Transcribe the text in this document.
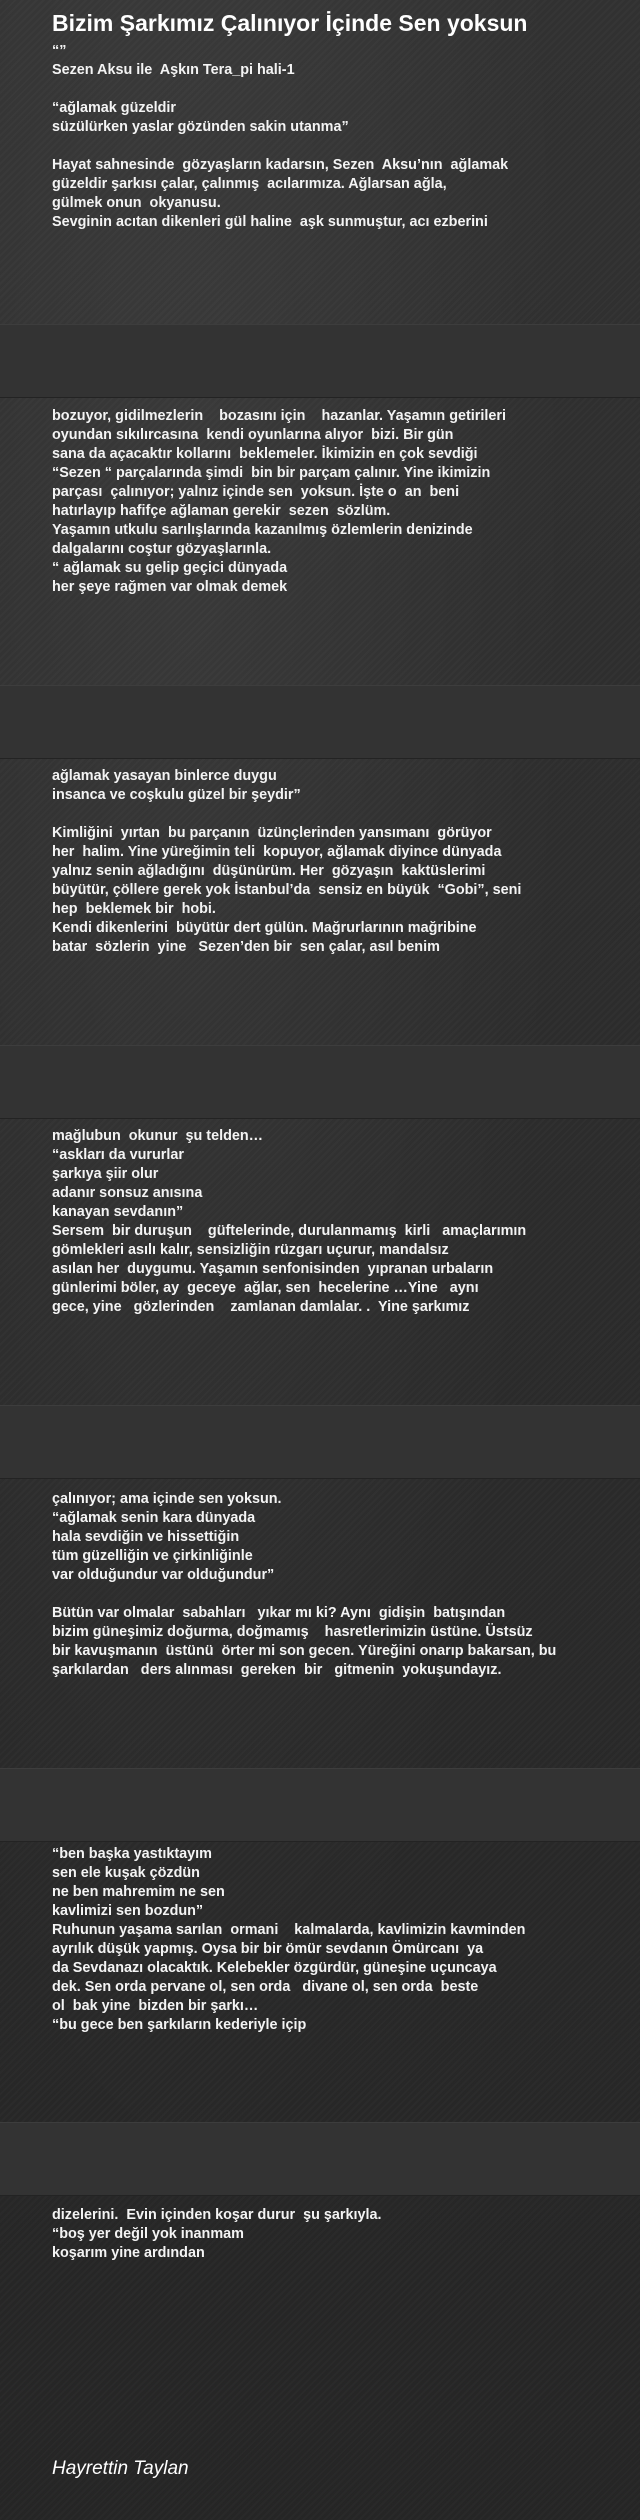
Bizim Şarkımız Çalınıyor İçinde Sen yoksun
“”
Sezen Aksu ile  Aşkın Tera_pi hali-1
“ağlamak güzeldir
süzülürken yaslar gözünden sakin utanma”
Hayat sahnesinde  gözyaşların kadarsın, Sezen  Aksu’nın  ağlamak
güzeldir şarkısı çalar, çalınmış  acılarımıza. Ağlarsan ağla,
gülmek onun  okyanusu.
Sevginin acıtan dikenleri gül haline  aşk sunmuştur, acı ezberini
bozuyor, gidilmezlerin    bozasını için    hazanlar. Yaşamın getirileri
oyundan sıkılırcasına  kendi oyunlarına alıyor  bizi. Bir gün
sana da açacaktır kollarını  beklemeler. İkimizin en çok sevdiği
“Sezen “ parçalarında şimdi  bin bir parçam çalınır. Yine ikimizin
parçası  çalınıyor; yalnız içinde sen  yoksun. İşte o  an  beni
hatırlayıp hafifçe ağlaman gerekir  sezen  sözlüm.
Yaşamın utkulu sarılışlarında kazanılmış özlemlerin denizinde
dalgalarını coştur gözyaşlarınla.
“ ağlamak su gelip geçici dünyada
her şeye rağmen var olmak demek
ağlamak yasayan binlerce duygu
insanca ve coşkulu güzel bir şeydir”
Kimliğini  yırtan  bu parçanın  üzünçlerinden yansımanı  görüyor
her  halim. Yine yüreğimin teli  kopuyor, ağlamak diyince dünyada
yalnız senin ağladığını  düşünürüm. Her  gözyaşın  kaktüslerimi
büyütür, çöllere gerek yok İstanbul’da  sensiz en büyük  “Gobi”, seni
hep  beklemek bir  hobi.
Kendi dikenlerini  büyütür dert gülün. Mağrurlarının mağribine
batar  sözlerin  yine   Sezen’den bir  sen çalar, asıl benim
mağlubun  okunur  şu telden…
“askları da vururlar
şarkıya şiir olur
adanır sonsuz anısına
kanayan sevdanın”
Sersem  bir duruşun    güftelerinde, durulanmamış  kirli   amaçlarımın
gömlekleri asılı kalır, sensizliğin rüzgarı uçurur, mandalsız
asılan her  duygumu. Yaşamın senfonisinden  yıpranan urbaların
günlerimi böler, ay  geceye  ağlar, sen  hecelerine …Yine   aynı
gece, yine   gözlerinden    zamlanan damlalar. .  Yine şarkımız
çalınıyor; ama içinde sen yoksun.
“ağlamak senin kara dünyada
hala sevdiğin ve hissettiğin
tüm güzelliğin ve çirkinliğinle
var olduğundur var olduğundur”
Bütün var olmalar  sabahları   yıkar mı ki? Aynı  gidişin  batışından
bizim güneşimiz doğurma, doğmamış    hasretlerimizin üstüne. Üstsüz
bir kavuşmanın  üstünü  örter mi son gecen. Yüreğini onarıp bakarsan, bu
şarkılardan   ders alınması  gereken  bir   gitmenin  yokuşundayız.
“ben başka yastıktayım
sen ele kuşak çözdün
ne ben mahremim ne sen
kavlimizi sen bozdun”
Ruhunun yaşama sarılan  ormani    kalmalarda, kavlimizin kavminden
ayrılık düşük yapmış. Oysa bir bir ömür sevdanın Ömürcanı  ya
da Sevdanazı olacaktık. Kelebekler özgürdür, güneşine uçuncaya
dek. Sen orda pervane ol, sen orda   divane ol, sen orda  beste
ol  bak yine  bizden bir şarkı…
“bu gece ben şarkıların kederiyle içip
dizelerini.  Evin içinden koşar durur  şu şarkıyla.
“boş yer değil yok inanmam
koşarım yine ardından
Hayrettin Taylan
